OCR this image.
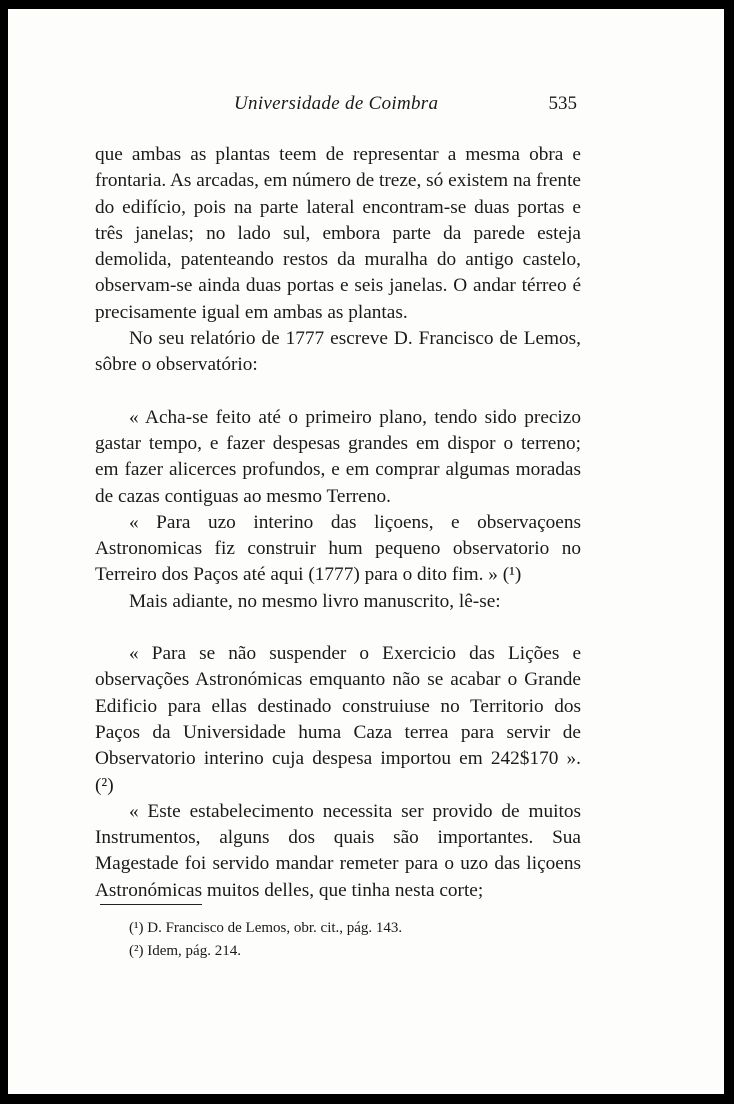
Universidade de Coimbra	535

que ambas as plantas teem de representar a mesma obra e frontaria. As arcadas, em número de treze, só existem na frente do edifício, pois na parte lateral encontram-se duas portas e três janelas; no lado sul, embora parte da parede esteja demolida, patenteando restos da muralha do antigo castelo, observam-se ainda duas portas e seis janelas. O andar térreo é precisamente igual em ambas as plantas.

No seu relatório de 1777 escreve D. Francisco de Lemos, sôbre o observatório:

« Acha-se feito até o primeiro plano, tendo sido precizo gastar tempo, e fazer despesas grandes em dispor o terreno; em fazer alicerces profundos, e em comprar algumas moradas de cazas contiguas ao mesmo Terreno.

« Para uzo interino das liçoens, e observaçoens Astronomicas fiz construir hum pequeno observatorio no Terreiro dos Paços até aqui (1777) para o dito fim. » (¹)

Mais adiante, no mesmo livro manuscrito, lê-se:

« Para se não suspender o Exercicio das Lições e observações Astronómicas emquanto não se acabar o Grande Edificio para ellas destinado construiuse no Territorio dos Paços da Universidade huma Caza terrea para servir de Observatorio interino cuja despesa importou em 242$170 ». (²)

« Este estabelecimento necessita ser provido de muitos Instrumentos, alguns dos quais são importantes. Sua Magestade foi servido mandar remeter para o uzo das liçoens Astronómicas muitos delles, que tinha nesta corte;

(¹) D. Francisco de Lemos, obr. cit., pág. 143.

(²) Idem, pág. 214.
